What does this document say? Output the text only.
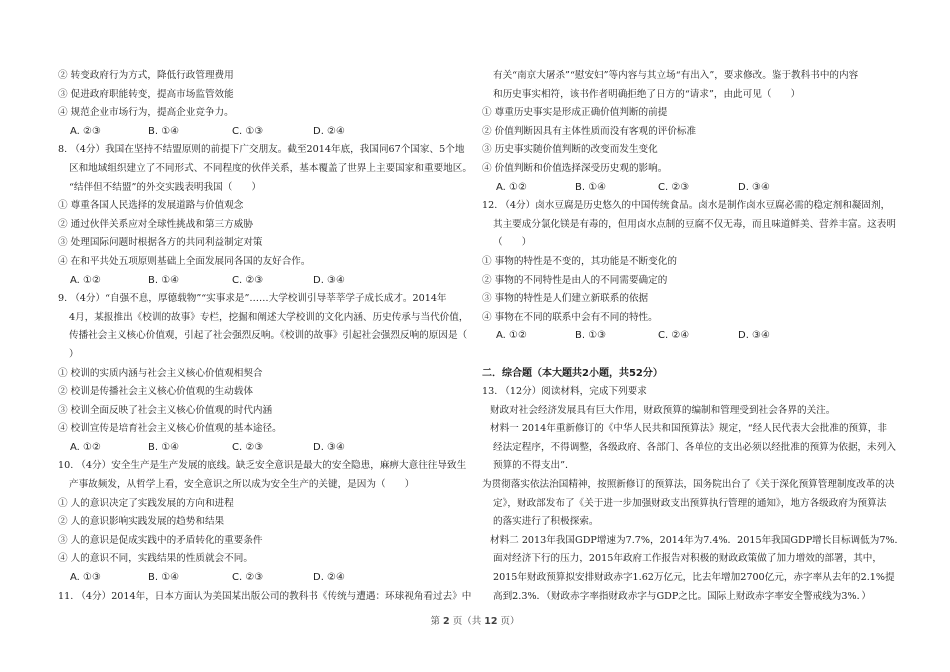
② 转变政府行为方式，降低行政管理费用
③ 促进政府职能转变，提高市场监管效能
④ 规范企业市场行为，提高企业竞争力。
A. ②③	B. ①④	C. ①③	D. ②④
8. （4分）我国在坚持不结盟原则的前提下广交朋友。截至2014年底，我国同67个国家、5个地
区和地域组织建立了不同形式、不同程度的伙伴关系，基本覆盖了世界上主要国家和重要地区。
“结伴但不结盟”的外交实践表明我国（　　）
① 尊重各国人民选择的发展道路与价值观念
② 通过伙伴关系应对全球性挑战和第三方威胁
③ 处理国际问题时根据各方的共同利益制定对策
④ 在和平共处五项原则基础上全面发展同各国的友好合作。
A. ①②	B. ①④	C. ②③	D. ③④
9. （4分）“自强不息，厚德载物”“实事求是”……大学校训引导莘莘学子成长成才。2014年
4月，某报推出《校训的故事》专栏，挖掘和阐述大学校训的文化内涵、历史传承与当代价值，
传播社会主义核心价值观，引起了社会强烈反响。《校训的故事》引起社会强烈反响的原因是（
）
① 校训的实质内涵与社会主义核心价值观相契合
② 校训是传播社会主义核心价值观的生动载体
③ 校训全面反映了社会主义核心价值观的时代内涵
④ 校训宣传是培育社会主义核心价值观的基本途径。
A. ①②	B. ①④	C. ②③	D. ③④
10. （4分）安全生产是生产发展的底线。缺乏安全意识是最大的安全隐患，麻痹大意往往导致生
产事故频发，从哲学上看，安全意识之所以成为安全生产的关键，是因为（　　）
① 人的意识决定了实践发展的方向和进程
② 人的意识影响实践发展的趋势和结果
③ 人的意识是促成实践中的矛盾转化的重要条件
④ 人的意识不同，实践结果的性质就会不同。
A. ①③	B. ①④	C. ②③	D. ②④
11. （4分）2014年，日本方面认为美国某出版公司的教科书《传统与遭遇：环球视角看过去》中
有关“南京大屠杀”“慰安妇”等内容与其立场“有出入”，要求修改。鉴于教科书中的内容
和历史事实相符，该书作者明确拒绝了日方的“请求”，由此可见（　　）
① 尊重历史事实是形成正确价值判断的前提
② 价值判断因具有主体性质而没有客观的评价标准
③ 历史事实随价值判断的改变而发生变化
④ 价值判断和价值选择深受历史观的影响。
A. ①②	B. ①④	C. ②③	D. ③④
12. （4分）卤水豆腐是历史悠久的中国传统食品。卤水是制作卤水豆腐必需的稳定剂和凝固剂，
其主要成分氯化镁是有毒的，但用卤水点制的豆腐不仅无毒，而且味道鲜美、营养丰富。这表明
（　　）
① 事物的特性是不变的，其功能是不断变化的
② 事物的不同特性是由人的不同需要确定的
③ 事物的特性是人们建立新联系的依据
④ 事物在不同的联系中会有不同的特性。
A. ①②	B. ①③	C. ②④	D. ③④
二．综合题（本大题共2小题，共52分）
13. （12分）阅读材料，完成下列要求
财政对社会经济发展具有巨大作用，财政预算的编制和管理受到社会各界的关注。
材料一 2014年重新修订的《中华人民共和国预算法》规定，“经人民代表大会批准的预算，非
经法定程序，不得调整，各级政府、各部门、各单位的支出必须以经批准的预算为依据，未列入
预算的不得支出”．
为贯彻落实依法治国精神，按照新修订的预算法，国务院出台了《关于深化预算管理制度改革的决
定》，财政部发布了《关于进一步加强财政支出预算执行管理的通知》，地方各级政府为预算法
的落实进行了积极探索。
材料二 2013年我国GDP增速为7.7%，2014年为7.4%．2015年我国GDP增长目标调低为7%．
面对经济下行的压力，2015年政府工作报告对积极的财政政策做了加力增效的部署，其中，
2015年财政预算拟安排财政赤字1.62万亿元，比去年增加2700亿元，赤字率从去年的2.1%提
高到2.3%．（财政赤字率指财政赤字与GDP之比。国际上财政赤字率安全警戒线为3%．）
第 2 页（共 12 页）
